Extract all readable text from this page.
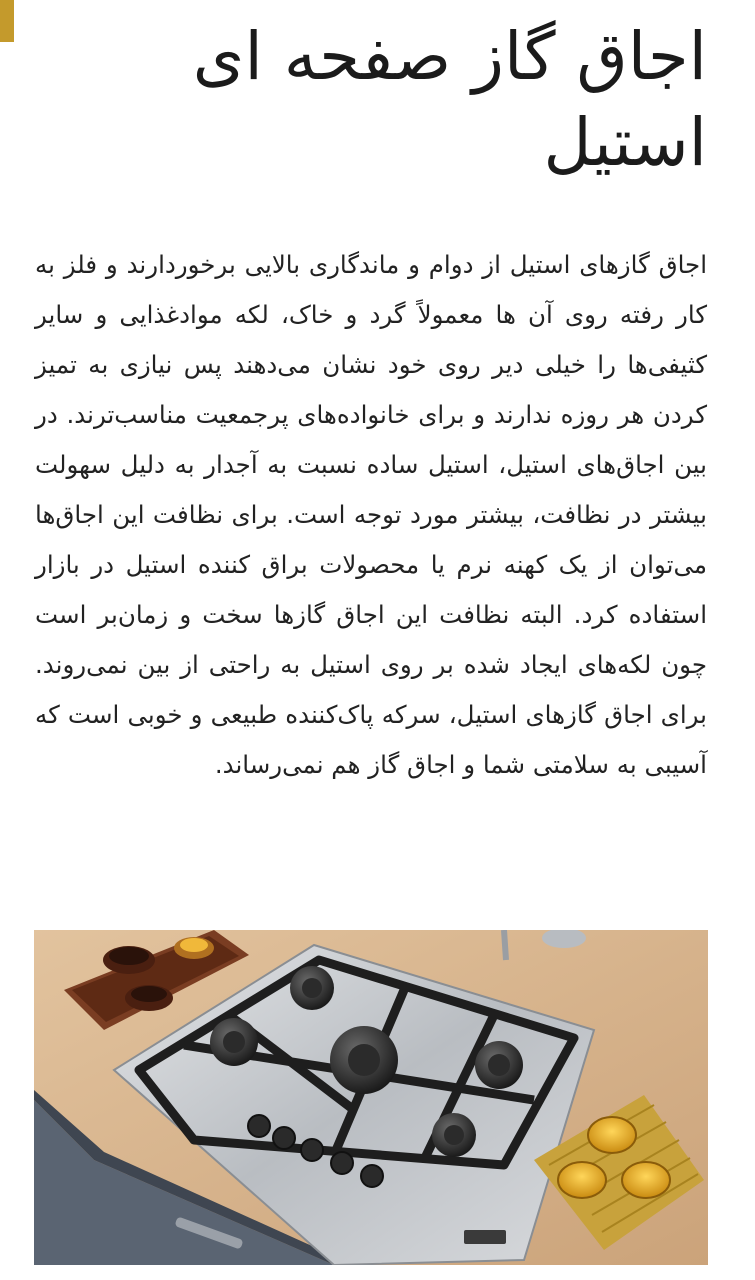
اجاق گاز صفحه ای استیل

اجاق گازهای استیل از دوام و ماندگاری بالایی برخوردارند و فلز به کار رفته روی آن ها معمولاً گرد و خاک، لکه موادغذایی و سایر کثیفی‌ها را خیلی دیر روی خود نشان می‌دهند پس نیازی به تمیز کردن هر روزه ندارند و برای خانواده‌های پرجمعیت مناسب‌ترند. در بین اجاق‌های استیل، استیل ساده نسبت به آجدار به دلیل سهولت بیشتر در نظافت، بیشتر مورد توجه است. برای نظافت این اجاق‌ها می‌توان از یک کهنه نرم یا محصولات براق کننده استیل در بازار استفاده کرد. البته نظافت این اجاق گازها سخت و زمان‌بر است چون لکه‌های ایجاد شده بر روی استیل به راحتی از بین نمی‌روند. برای اجاق گازهای استیل، سرکه پاک‌کننده طبیعی و خوبی است که آسیبی به سلامتی شما و اجاق گاز هم نمی‌رساند.
